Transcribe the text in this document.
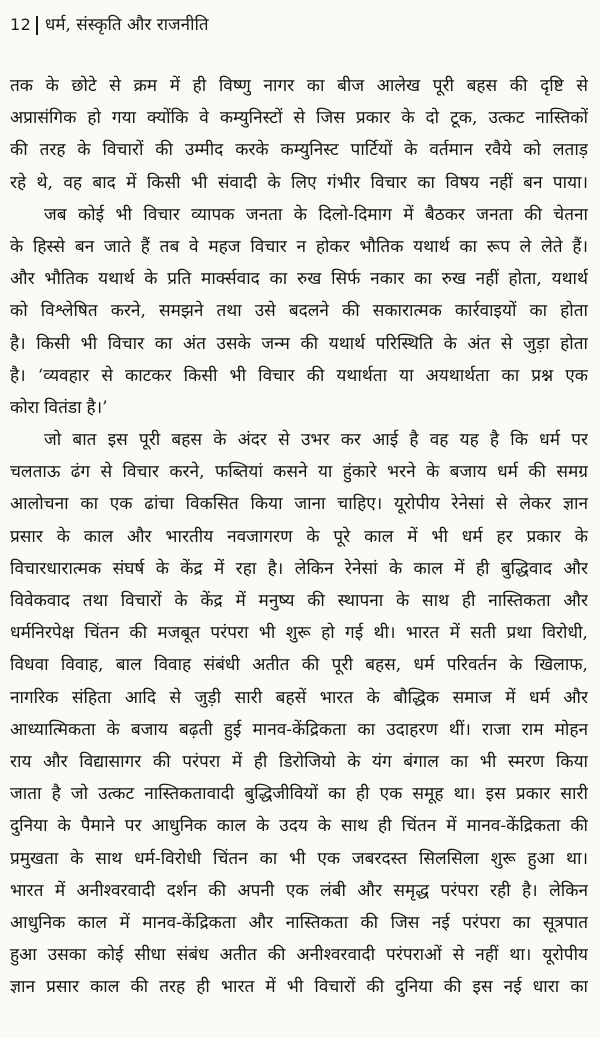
12 धर्म, संस्कृति और राजनीति
तक के छोटे से क्रम में ही विष्णु नागर का बीज आलेख पूरी बहस की दृष्टि से
अप्रासंगिक हो गया क्योंकि वे कम्युनिस्टों से जिस प्रकार के दो टूक, उत्कट नास्तिकों
की तरह के विचारों की उम्मीद करके कम्युनिस्ट पार्टियों के वर्तमान रवैये को लताड़
रहे थे, वह बाद में किसी भी संवादी के लिए गंभीर विचार का विषय नहीं बन पाया।
जब कोई भी विचार व्यापक जनता के दिलो-दिमाग में बैठकर जनता की चेतना
के हिस्से बन जाते हैं तब वे महज विचार न होकर भौतिक यथार्थ का रूप ले लेते हैं।
और भौतिक यथार्थ के प्रति मार्क्सवाद का रुख सिर्फ नकार का रुख नहीं होता, यथार्थ
को विश्लेषित करने, समझने तथा उसे बदलने की सकारात्मक कार्रवाइयों का होता
है। किसी भी विचार का अंत उसके जन्म की यथार्थ परिस्थिति के अंत से जुड़ा होता
है। ‘व्यवहार से काटकर किसी भी विचार की यथार्थता या अयथार्थता का प्रश्न एक
कोरा वितंडा है।’
जो बात इस पूरी बहस के अंदर से उभर कर आई है वह यह है कि धर्म पर
चलताऊ ढंग से विचार करने, फब्तियां कसने या हुंकारे भरने के बजाय धर्म की समग्र
आलोचना का एक ढांचा विकसित किया जाना चाहिए। यूरोपीय रेनेसां से लेकर ज्ञान
प्रसार के काल और भारतीय नवजागरण के पूरे काल में भी धर्म हर प्रकार के
विचारधारात्मक संघर्ष के केंद्र में रहा है। लेकिन रेनेसां के काल में ही बुद्धिवाद और
विवेकवाद तथा विचारों के केंद्र में मनुष्य की स्थापना के साथ ही नास्तिकता और
धर्मनिरपेक्ष चिंतन की मजबूत परंपरा भी शुरू हो गई थी। भारत में सती प्रथा विरोधी,
विधवा विवाह, बाल विवाह संबंधी अतीत की पूरी बहस, धर्म परिवर्तन के खिलाफ,
नागरिक संहिता आदि से जुड़ी सारी बहसें भारत के बौद्धिक समाज में धर्म और
आध्यात्मिकता के बजाय बढ़ती हुई मानव-केंद्रिकता का उदाहरण थीं। राजा राम मोहन
राय और विद्यासागर की परंपरा में ही डिरोजियो के यंग बंगाल का भी स्मरण किया
जाता है जो उत्कट नास्तिकतावादी बुद्धिजीवियों का ही एक समूह था। इस प्रकार सारी
दुनिया के पैमाने पर आधुनिक काल के उदय के साथ ही चिंतन में मानव-केंद्रिकता की
प्रमुखता के साथ धर्म-विरोधी चिंतन का भी एक जबरदस्त सिलसिला शुरू हुआ था।
भारत में अनीश्वरवादी दर्शन की अपनी एक लंबी और समृद्ध परंपरा रही है। लेकिन
आधुनिक काल में मानव-केंद्रिकता और नास्तिकता की जिस नई परंपरा का सूत्रपात
हुआ उसका कोई सीधा संबंध अतीत की अनीश्वरवादी परंपराओं से नहीं था। यूरोपीय
ज्ञान प्रसार काल की तरह ही भारत में भी विचारों की दुनिया की इस नई धारा का
